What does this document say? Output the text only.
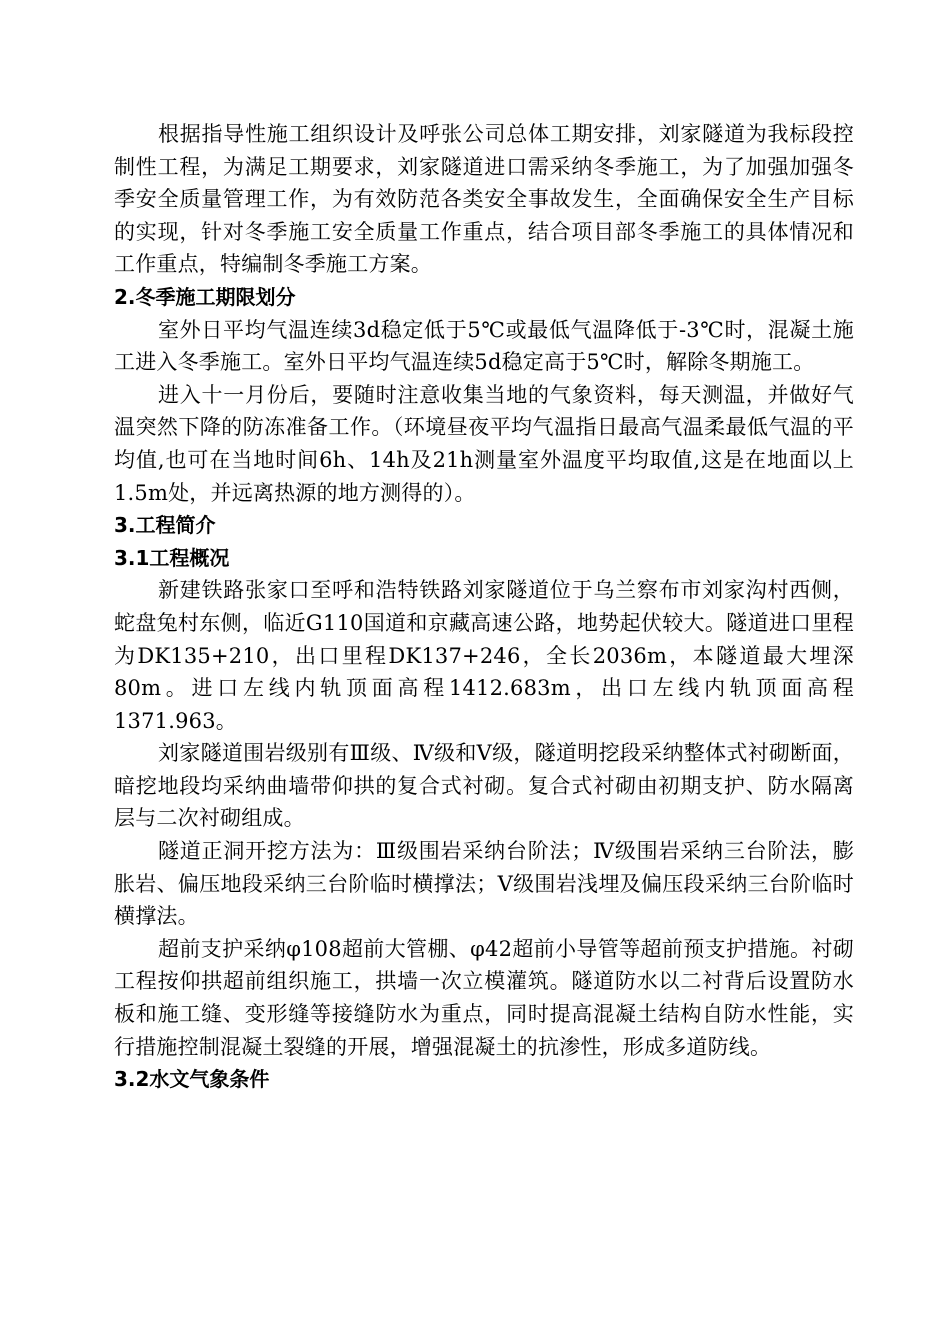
根据指导性施工组织设计及呼张公司总体工期安排，刘家隧道为我标段控制性工程，为满足工期要求，刘家隧道进口需采纳冬季施工，为了加强加强冬季安全质量管理工作，为有效防范各类安全事故发生，全面确保安全生产目标的实现，针对冬季施工安全质量工作重点，结合项目部冬季施工的具体情况和工作重点，特编制冬季施工方案。

2.冬季施工期限划分

室外日平均气温连续3d稳定低于5℃或最低气温降低于-3℃时，混凝土施工进入冬季施工。室外日平均气温连续5d稳定高于5℃时，解除冬期施工。

进入十一月份后，要随时注意收集当地的气象资料，每天测温，并做好气温突然下降的防冻准备工作。（环境昼夜平均气温指日最高气温柔最低气温的平均值,也可在当地时间6h、14h及21h测量室外温度平均取值,这是在地面以上1.5m处，并远离热源的地方测得的）。

3.工程简介
3.1工程概况

新建铁路张家口至呼和浩特铁路刘家隧道位于乌兰察布市刘家沟村西侧，蛇盘兔村东侧，临近G110国道和京藏高速公路，地势起伏较大。隧道进口里程为DK135+210，出口里程DK137+246，全长2036m，本隧道最大埋深80m。进口左线内轨顶面高程1412.683m，出口左线内轨顶面高程1371.963。

刘家隧道围岩级别有Ⅲ级、Ⅳ级和Ⅴ级，隧道明挖段采纳整体式衬砌断面，暗挖地段均采纳曲墙带仰拱的复合式衬砌。复合式衬砌由初期支护、防水隔离层与二次衬砌组成。

隧道正洞开挖方法为：Ⅲ级围岩采纳台阶法；Ⅳ级围岩采纳三台阶法，膨胀岩、偏压地段采纳三台阶临时横撑法；Ⅴ级围岩浅埋及偏压段采纳三台阶临时横撑法。

超前支护采纳φ108超前大管棚、φ42超前小导管等超前预支护措施。衬砌工程按仰拱超前组织施工，拱墙一次立模灌筑。隧道防水以二衬背后设置防水板和施工缝、变形缝等接缝防水为重点，同时提高混凝土结构自防水性能，实行措施控制混凝土裂缝的开展，增强混凝土的抗渗性，形成多道防线。

3.2水文气象条件
